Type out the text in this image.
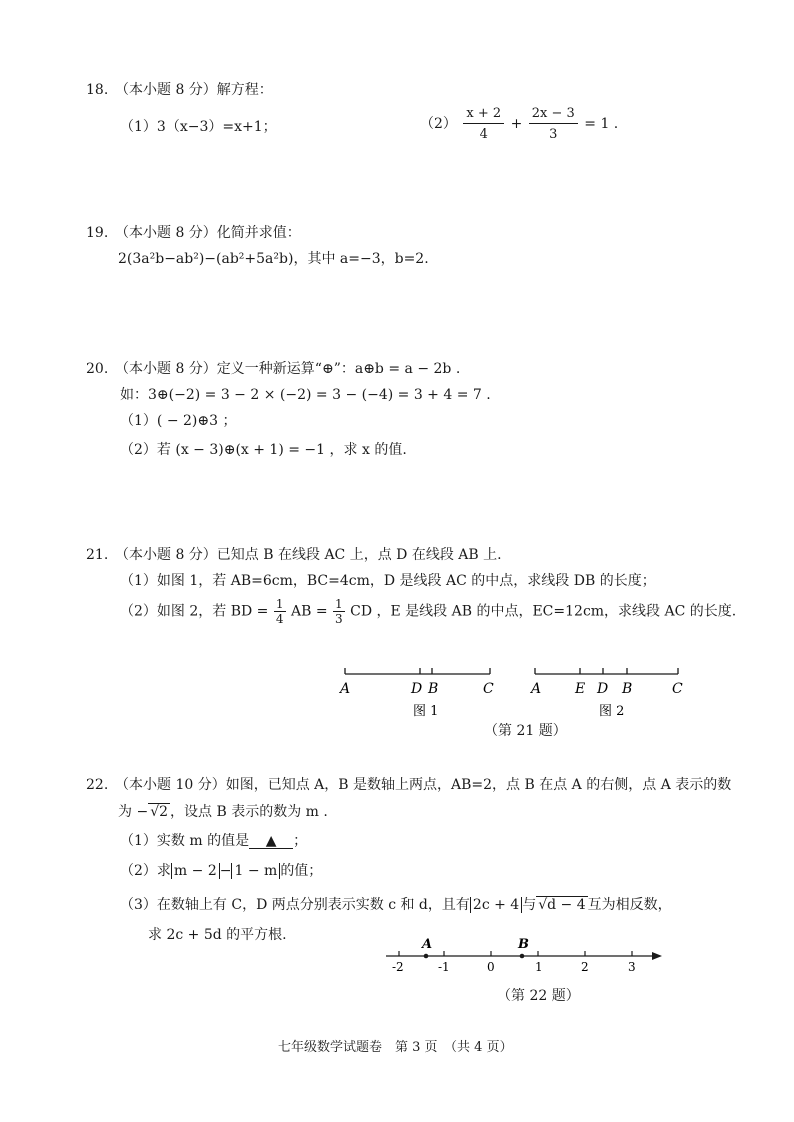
18. （本小题 8 分）解方程：
（1）3（x−3）=x+1；	$(2) \frac{x + 2}{4} + \frac{2x - 3}{3} = 1$ .
19. （本小题 8 分）化简并求值：
2(3a²b−ab²)−(ab²+5a²b)，其中 a=−3，b=2.
20. （本小题 8 分）定义一种新运算“⊕”：a⊕b = a − 2b .
如：3⊕(−2) = 3 − 2 × (−2) = 3 − (−4) = 3 + 4 = 7 .
（1）( − 2)⊕3 ；
（2）若 (x − 3)⊕(x + 1) = −1 ，求 x 的值.
21. （本小题 8 分）已知点 B 在线段 AC 上，点 D 在线段 AB 上.
（1）如图 1，若 AB=6cm，BC=4cm，D 是线段 AC 的中点，求线段 DB 的长度；
（2）如图 2，若 BD = $\frac{1}{4}$ AB = $\frac{1}{3}$ CD ，E 是线段 AB 的中点，EC=12cm，求线段 AC 的长度.
A	D B	C
图 1
A E D B	C
图 2
（第 21 题）
22. （本小题 10 分）如图，已知点 A，B 是数轴上两点，AB=2，点 B 在点 A 的右侧，点 A 表示的数
为 − √2 ，设点 B 表示的数为 m .
（1）实数 m 的值是 ▲ ；
（2）求 m − 2 − 1 − m 的值；
（3）在数轴上有 C，D 两点分别表示实数 c 和 d，且有 2c + 4 与 √d − 4 互为相反数，
求 2c + 5d 的平方根.
A	B
-2	-1	0	1	2	3
（第 22 题）
七年级数学试题卷　第 3 页　（共 4 页）
